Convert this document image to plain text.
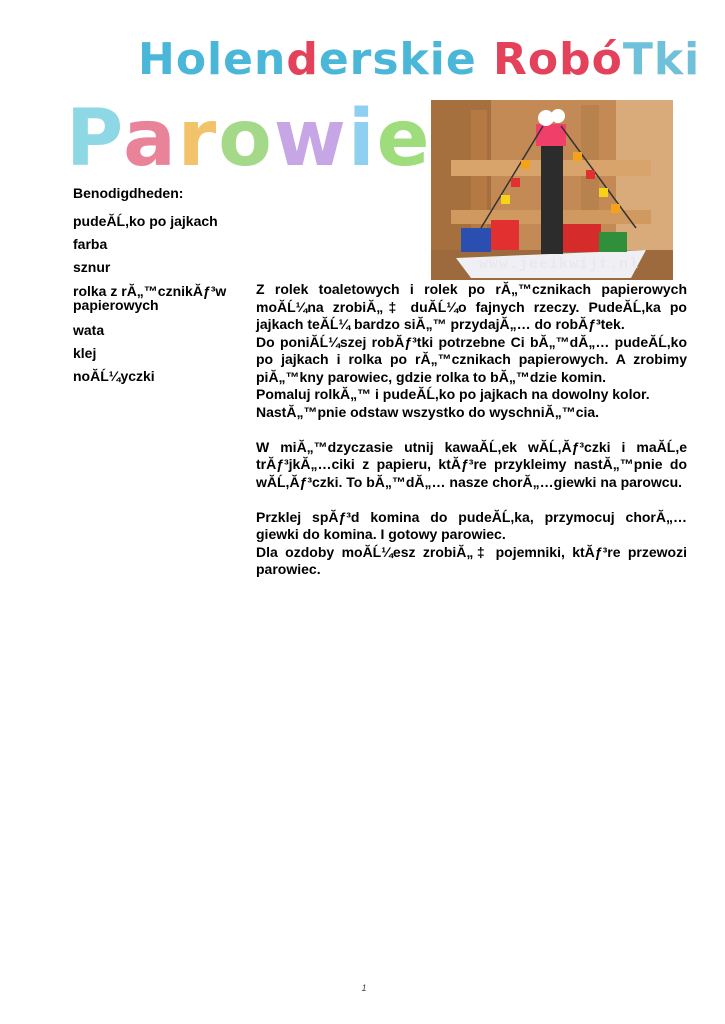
Holenderskie RobóTki
Parowie
www.jeeikwijt.nl
Benodigdheden:
pudeĂĹ,ko po jajkach
farba
sznur
rolka z rĂ„™cznikĂƒ³w papierowych
wata
klej
noĂĹ¼yczki

Z rolek toaletowych i rolek po rĂ„™cznikach papierowych moĂĹ¼na zrobiĂ„‡ duĂĹ¼o fajnych rzeczy. PudeĂĹ,ka po jajkach teĂĹ¼ bardzo siĂ„™ przydajĂ„… do robĂƒ³tek.

Do poniĂĹ¼szej robĂƒ³tki potrzebne Ci bĂ„™dĂ„… pudeĂĹ,ko po jajkach i rolka po rĂ„™cznikach papierowych. A zrobimy piĂ„™kny parowiec, gdzie rolka to bĂ„™dzie komin.

Pomaluj rolkĂ„™ i pudeĂĹ,ko po jajkach na dowolny kolor.

NastĂ„™pnie odstaw wszystko do wyschniĂ„™cia.

W miĂ„™dzyczasie utnij kawaĂĹ,ek wĂĹ,Ăƒ³czki i maĂĹ,e trĂƒ³jkĂ„…ciki z papieru, ktĂƒ³re przykleimy nastĂ„™pnie do wĂĹ,Ăƒ³czki. To bĂ„™dĂ„… nasze chorĂ„…giewki na parowcu.

Przklej spĂƒ³d komina do pudeĂĹ,ka, przymocuj chorĂ„…giewki do komina. I gotowy parowiec.

Dla ozdoby moĂĹ¼esz zrobiĂ„‡ pojemniki, ktĂƒ³re przewozi parowiec.

1
